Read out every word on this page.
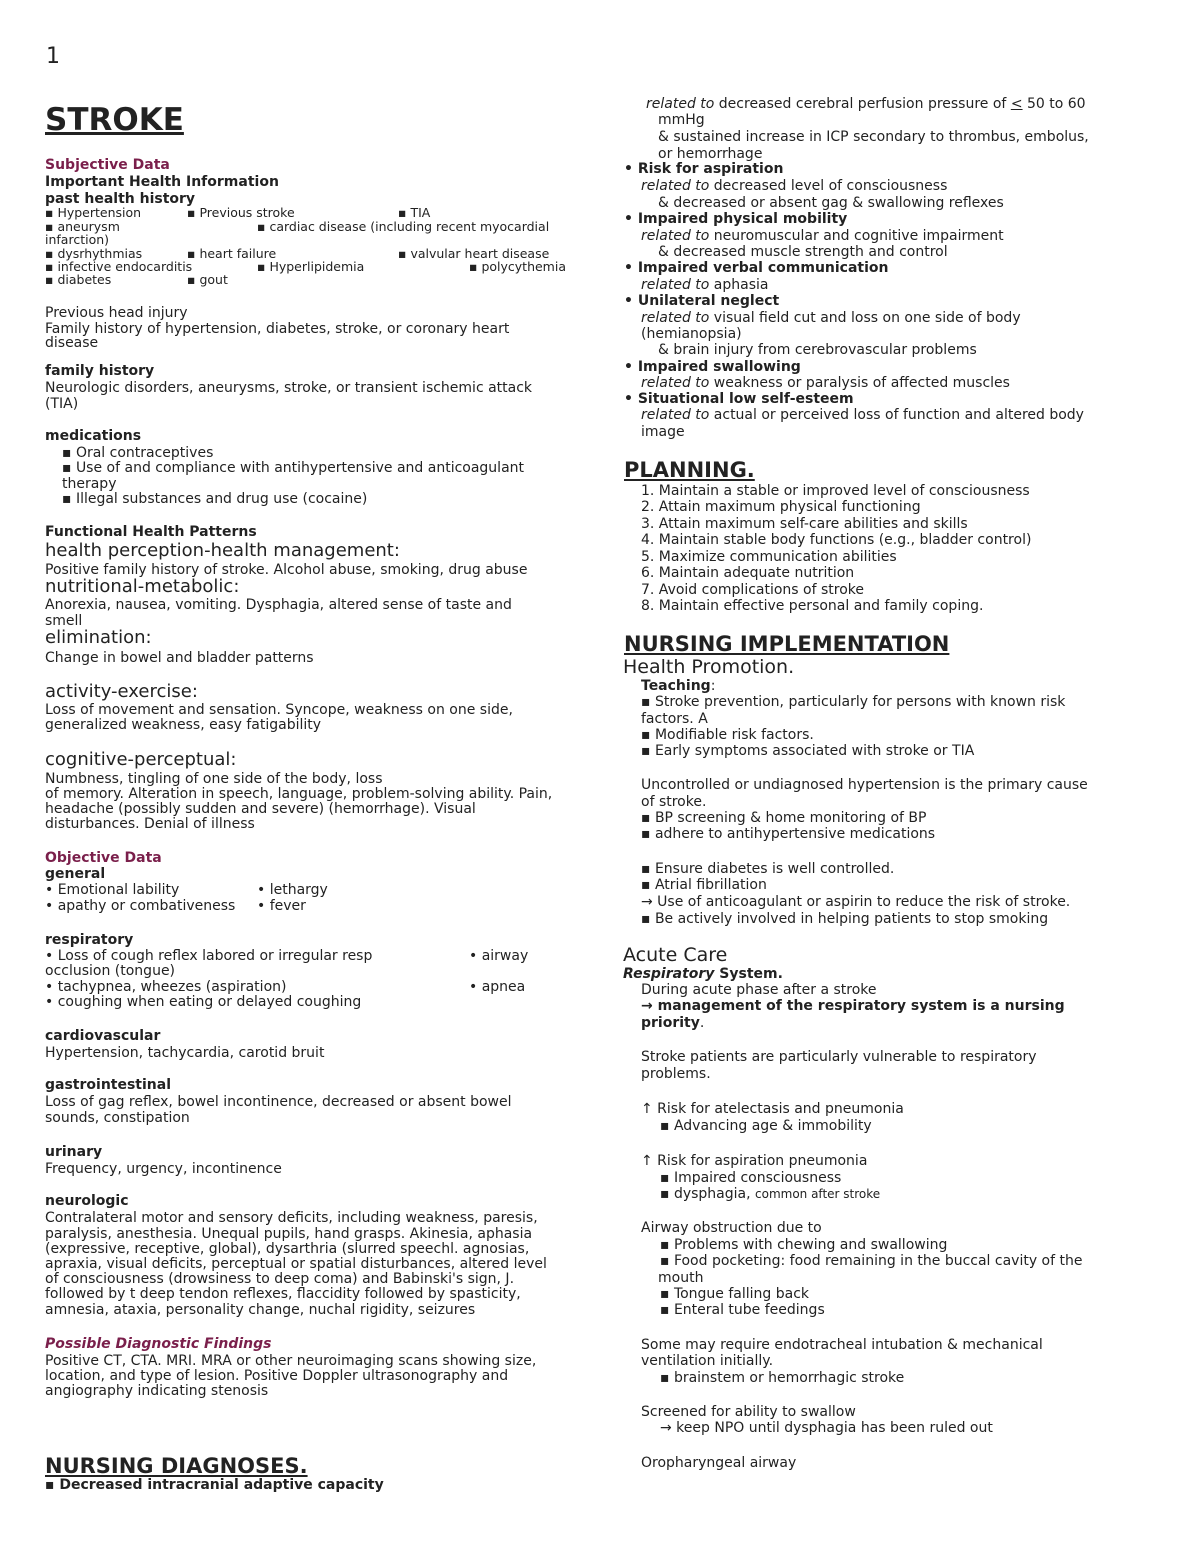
1
STROKE
Subjective Data
Important Health Information
past health history
▪ Hypertension	▪ Previous stroke	▪ TIA
▪ aneurysm	▪ cardiac disease (including recent myocardial
infarction)
▪ dysrhythmias	▪ heart failure	▪ valvular heart disease
▪ infective endocarditis	▪ Hyperlipidemia	▪ polycythemia
▪ diabetes	▪ gout
Previous head injury
Family history of hypertension, diabetes, stroke, or coronary heart
disease
family history
Neurologic disorders, aneurysms, stroke, or transient ischemic attack
(TIA)
medications
▪ Oral contraceptives
▪ Use of and compliance with antihypertensive and anticoagulant
therapy
▪ Illegal substances and drug use (cocaine)
Functional Health Patterns
health perception-health management:
Positive family history of stroke. Alcohol abuse, smoking, drug abuse
nutritional-metabolic:
Anorexia, nausea, vomiting. Dysphagia, altered sense of taste and
smell
elimination:
Change in bowel and bladder patterns
activity-exercise:
Loss of movement and sensation. Syncope, weakness on one side,
generalized weakness, easy fatigability
cognitive-perceptual:
Numbness, tingling of one side of the body, loss
of memory. Alteration in speech, language, problem-solving ability. Pain,
headache (possibly sudden and severe) (hemorrhage). Visual
disturbances. Denial of illness
Objective Data
general
• Emotional lability	• lethargy
• apathy or combativeness • fever
respiratory
• Loss of cough reflex labored or irregular resp	• airway
occlusion (tongue)
• tachypnea, wheezes (aspiration)	• apnea
• coughing when eating or delayed coughing
cardiovascular
Hypertension, tachycardia, carotid bruit
gastrointestinal
Loss of gag reflex, bowel incontinence, decreased or absent bowel
sounds, constipation
urinary
Frequency, urgency, incontinence
neurologic
Contralateral motor and sensory deficits, including weakness, paresis,
paralysis, anesthesia. Unequal pupils, hand grasps. Akinesia, aphasia
(expressive, receptive, global), dysarthria (slurred speechl. agnosias,
apraxia, visual deficits, perceptual or spatial disturbances, altered level
of consciousness (drowsiness to deep coma) and Babinski's sign, J.
followed by t deep tendon reflexes, flaccidity followed by spasticity,
amnesia, ataxia, personality change, nuchal rigidity, seizures
Possible Diagnostic Findings
Positive CT, CTA. MRI. MRA or other neuroimaging scans showing size,
location, and type of lesion. Positive Doppler ultrasonography and
angiography indicating stenosis
NURSING DIAGNOSES.
▪ Decreased intracranial adaptive capacity
related to decreased cerebral perfusion pressure of ≤ 50 to 60
mmHg
& sustained increase in ICP secondary to thrombus, embolus,
or hemorrhage
• Risk for aspiration
related to decreased level of consciousness
& decreased or absent gag & swallowing reflexes
• Impaired physical mobility
related to neuromuscular and cognitive impairment
& decreased muscle strength and control
• Impaired verbal communication
related to aphasia
• Unilateral neglect
related to visual field cut and loss on one side of body
(hemianopsia)
& brain injury from cerebrovascular problems
• Impaired swallowing
related to weakness or paralysis of affected muscles
• Situational low self-esteem
related to actual or perceived loss of function and altered body
image
PLANNING.
1. Maintain a stable or improved level of consciousness
2. Attain maximum physical functioning
3. Attain maximum self-care abilities and skills
4. Maintain stable body functions (e.g., bladder control)
5. Maximize communication abilities
6. Maintain adequate nutrition
7. Avoid complications of stroke
8. Maintain effective personal and family coping.
NURSING IMPLEMENTATION
Health Promotion.
Teaching:
▪ Stroke prevention, particularly for persons with known risk
factors. A
▪ Modifiable risk factors.
▪ Early symptoms associated with stroke or TIA
Uncontrolled or undiagnosed hypertension is the primary cause
of stroke.
▪ BP screening & home monitoring of BP
▪ adhere to antihypertensive medications
▪ Ensure diabetes is well controlled.
▪ Atrial fibrillation
→ Use of anticoagulant or aspirin to reduce the risk of stroke.
▪ Be actively involved in helping patients to stop smoking
Acute Care
Respiratory System.
During acute phase after a stroke
→ management of the respiratory system is a nursing
priority.
Stroke patients are particularly vulnerable to respiratory
problems.
↑ Risk for atelectasis and pneumonia
▪ Advancing age & immobility
↑ Risk for aspiration pneumonia
▪ Impaired consciousness
▪ dysphagia, common after stroke
Airway obstruction due to
▪ Problems with chewing and swallowing
▪ Food pocketing: food remaining in the buccal cavity of the
mouth
▪ Tongue falling back
▪ Enteral tube feedings
Some may require endotracheal intubation & mechanical
ventilation initially.
▪ brainstem or hemorrhagic stroke
Screened for ability to swallow
→ keep NPO until dysphagia has been ruled out
Oropharyngeal airway
